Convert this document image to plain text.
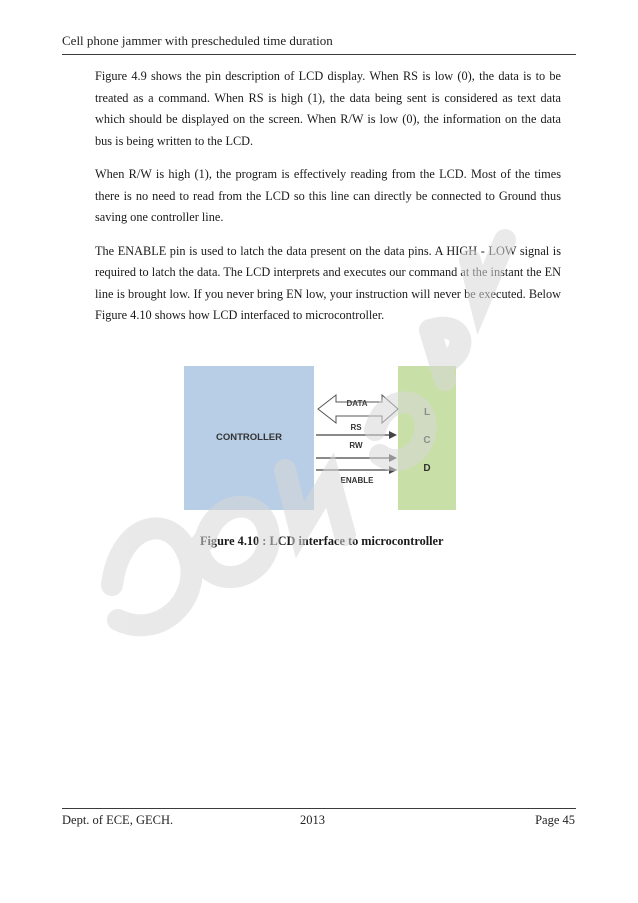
Cell phone jammer with prescheduled time duration

Figure 4.9 shows the pin description of LCD display. When RS is low (0), the data is to be treated as a command. When RS is high (1), the data being sent is considered as text data which should be displayed on the screen. When R/W is low (0), the information on the data bus is being written to the LCD.

When R/W is high (1), the program is effectively reading from the LCD. Most of the times there is no need to read from the LCD so this line can directly be connected to Ground thus saving one controller line.

The ENABLE pin is used to latch the data present on the data pins. A HIGH - LOW signal is required to latch the data. The LCD interprets and executes our command at the instant the EN line is brought low. If you never bring EN low, your instruction will never be executed. Below Figure 4.10 shows how LCD interfaced to microcontroller.

CONTROLLER
L
C
D
DATA
RS
RW
ENABLE
Figure 4.10 : LCD interface to microcontroller
Dept. of ECE, GECH.	2013	Page 45
